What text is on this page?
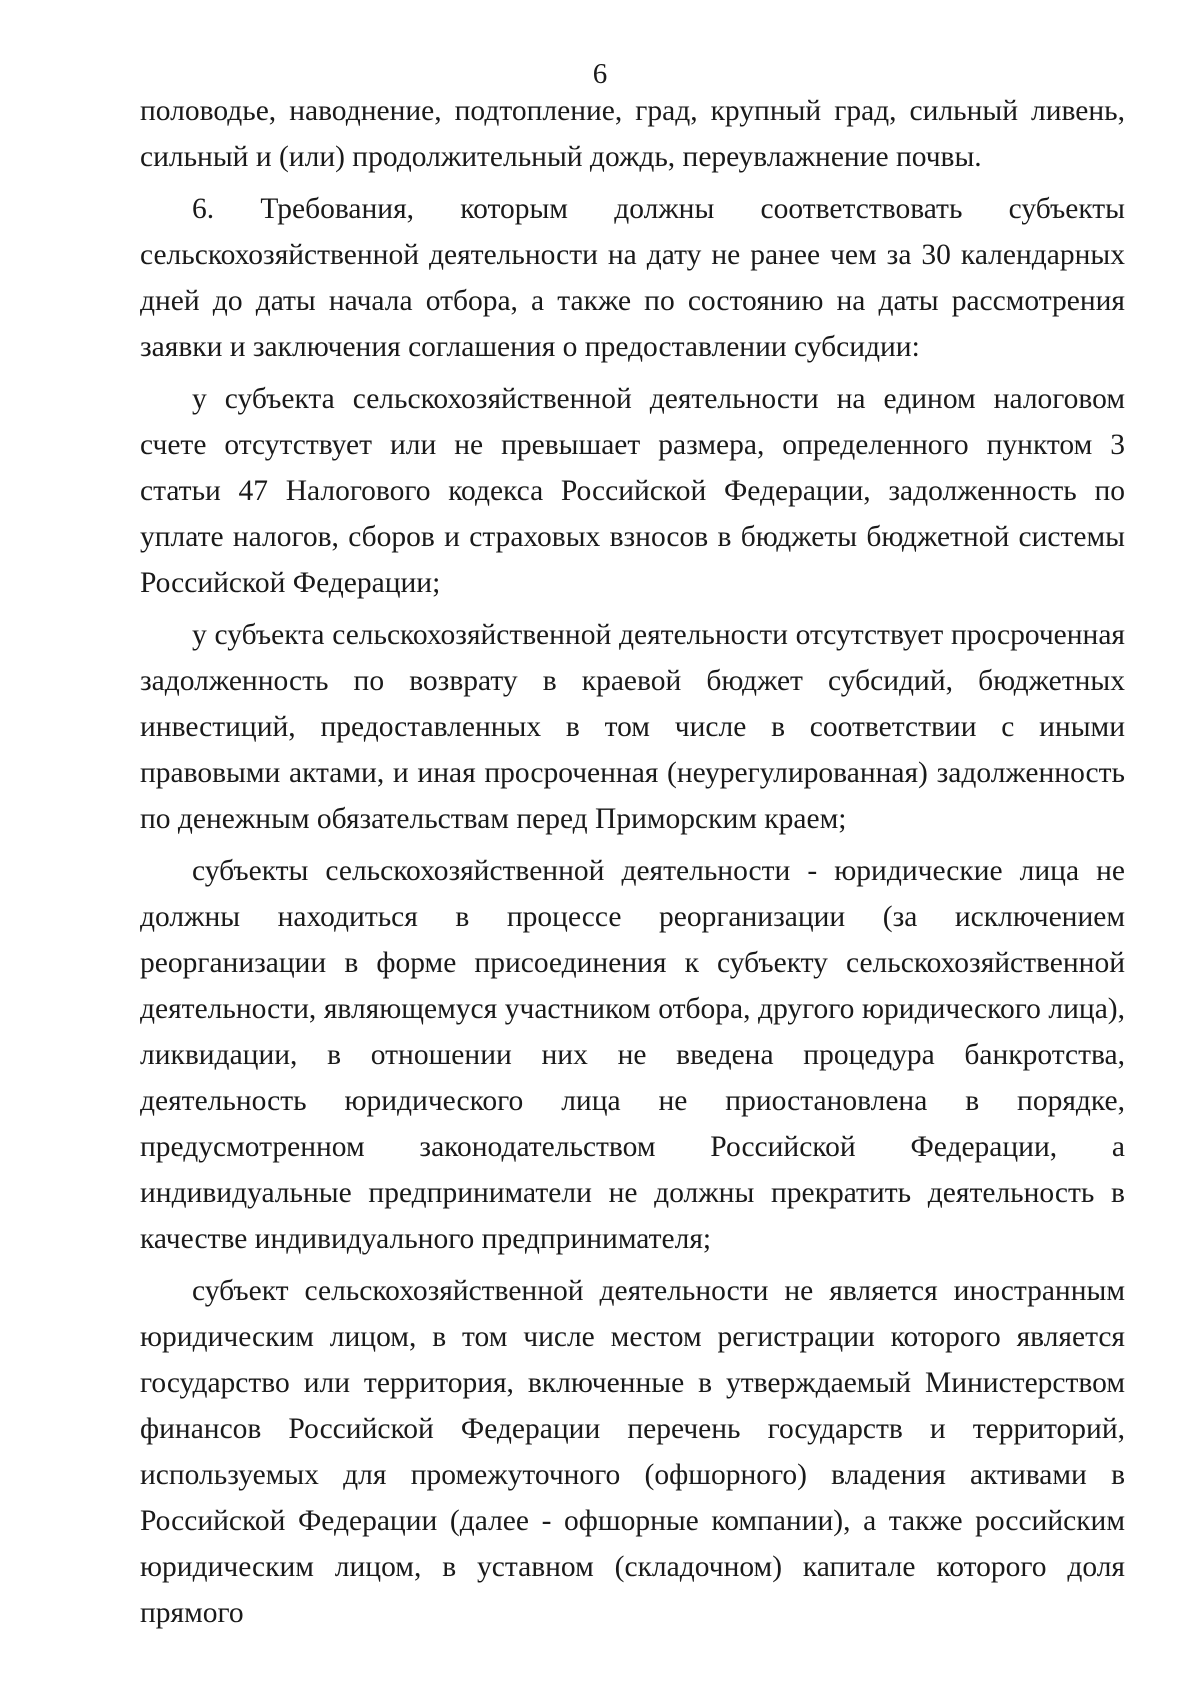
6

половодье, наводнение, подтопление, град, крупный град, сильный ливень, сильный и (или) продолжительный дождь, переувлажнение почвы.

6. Требования, которым должны соответствовать субъекты сельскохозяйственной деятельности на дату не ранее чем за 30 календарных дней до даты начала отбора, а также по состоянию на даты рассмотрения заявки и заключения соглашения о предоставлении субсидии:

у субъекта сельскохозяйственной деятельности на едином налоговом счете отсутствует или не превышает размера, определенного пунктом 3 статьи 47 Налогового кодекса Российской Федерации, задолженность по уплате налогов, сборов и страховых взносов в бюджеты бюджетной системы Российской Федерации;

у субъекта сельскохозяйственной деятельности отсутствует просроченная задолженность по возврату в краевой бюджет субсидий, бюджетных инвестиций, предоставленных в том числе в соответствии с иными правовыми актами, и иная просроченная (неурегулированная) задолженность по денежным обязательствам перед Приморским краем;

субъекты сельскохозяйственной деятельности - юридические лица не должны находиться в процессе реорганизации (за исключением реорганизации в форме присоединения к субъекту сельскохозяйственной деятельности, являющемуся участником отбора, другого юридического лица), ликвидации, в отношении них не введена процедура банкротства, деятельность юридического лица не приостановлена в порядке, предусмотренном законодательством Российской Федерации, а индивидуальные предприниматели не должны прекратить деятельность в качестве индивидуального предпринимателя;

субъект сельскохозяйственной деятельности не является иностранным юридическим лицом, в том числе местом регистрации которого является государство или территория, включенные в утверждаемый Министерством финансов Российской Федерации перечень государств и территорий, используемых для промежуточного (офшорного) владения активами в Российской Федерации (далее - офшорные компании), а также российским юридическим лицом, в уставном (складочном) капитале которого доля прямого
